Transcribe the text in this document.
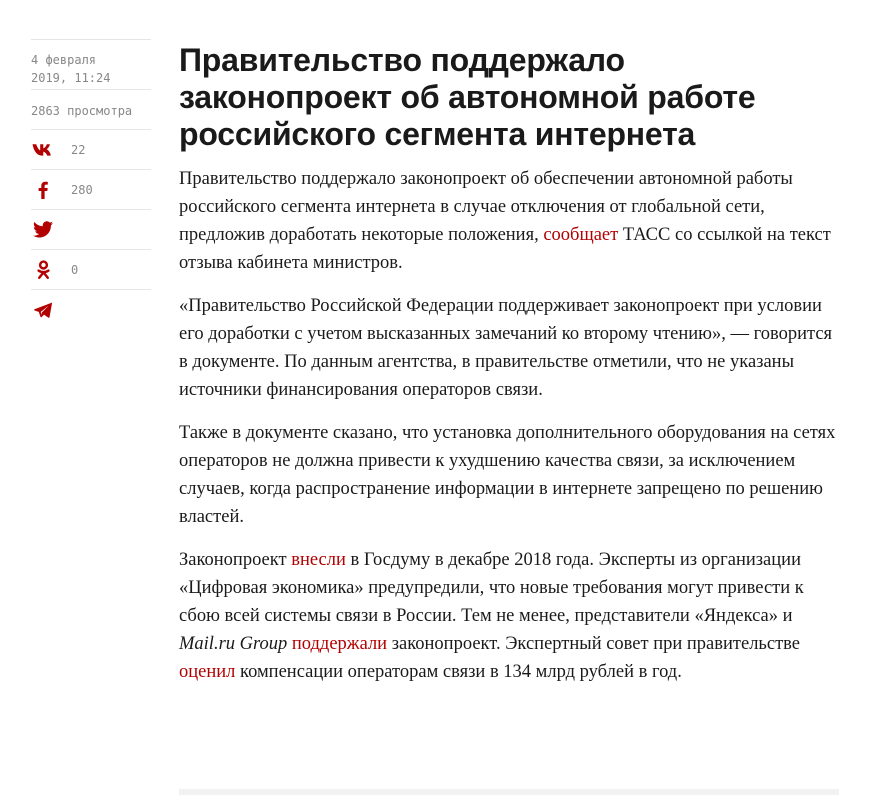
4 февраля
2019, 11:24
2863 просмотра
22
280
0
Правительство поддержало законопроект об автономной работе российского сегмента интернета

Правительство поддержало законопроект об обеспечении автономной работы российского сегмента интернета в случае отключения от глобальной сети, предложив доработать некоторые положения, сообщает ТАСС со ссылкой на текст отзыва кабинета министров.

«Правительство Российской Федерации поддерживает законопроект при условии его доработки с учетом высказанных замечаний ко второму чтению», — говорится в документе. По данным агентства, в правительстве отметили, что не указаны источники финансирования операторов связи.

Также в документе сказано, что установка дополнительного оборудования на сетях операторов не должна привести к ухудшению качества связи, за исключением случаев, когда распространение информации в интернете запрещено по решению властей.

Законопроект внесли в Госдуму в декабре 2018 года. Эксперты из организации «Цифровая экономика» предупредили, что новые требования могут привести к сбою всей системы связи в России. Тем не менее, представители «Яндекса» и Mail.ru Group поддержали законопроект. Экспертный совет при правительстве оценил компенсации операторам связи в 134 млрд рублей в год.
